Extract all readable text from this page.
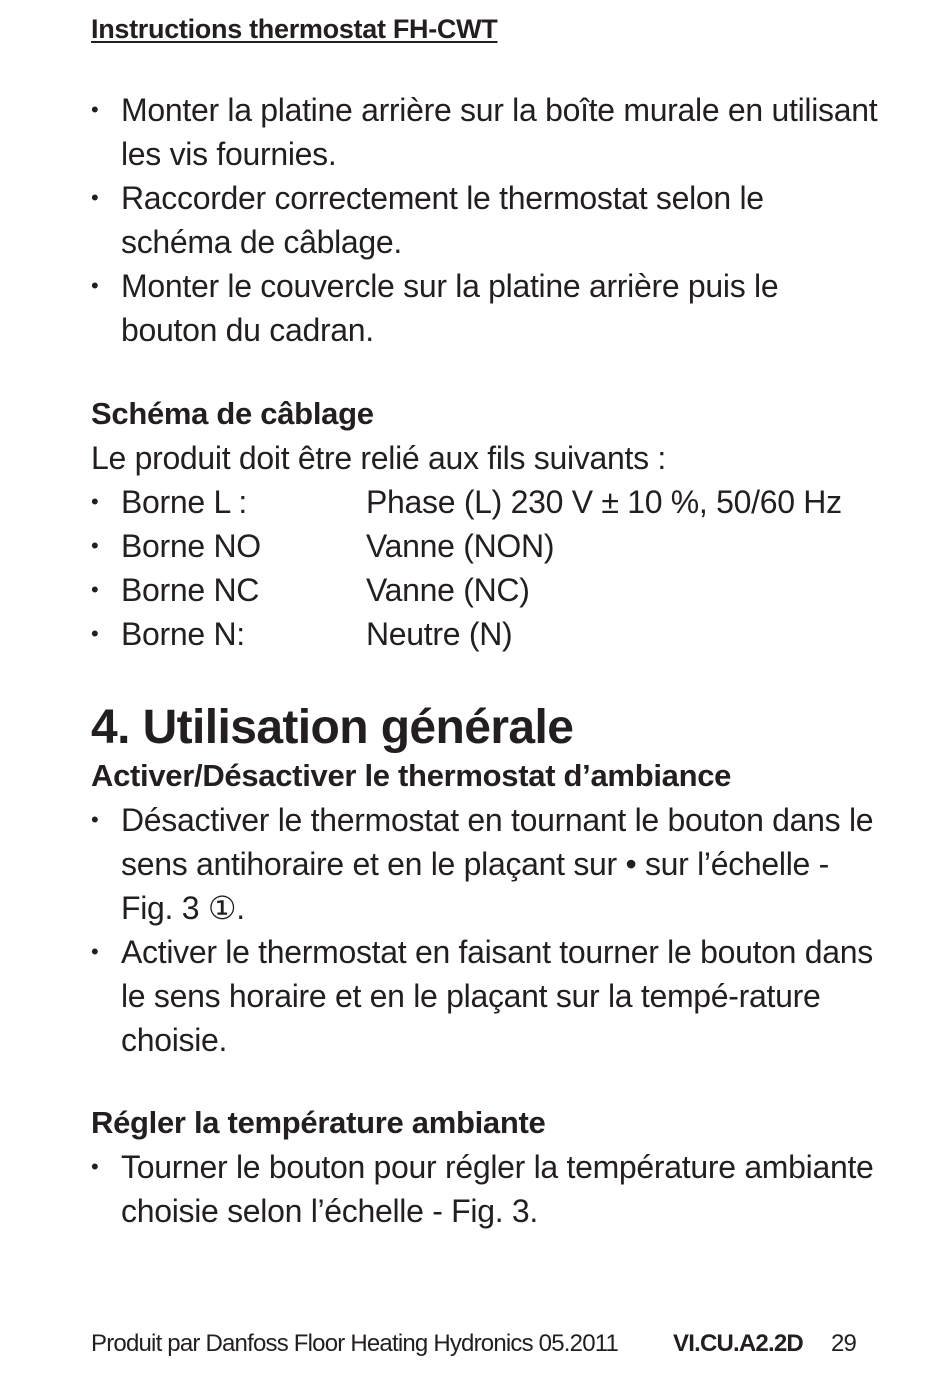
Instructions thermostat FH-CWT
• Monter la platine arrière sur la boîte murale en utilisant les vis fournies.
• Raccorder correctement le thermostat selon le schéma de câblage.
• Monter le couvercle sur la platine arrière puis le bouton du cadran.
Schéma de câblage
Le produit doit être relié aux fils suivants :
• Borne L :	Phase (L) 230 V ± 10 %, 50/60 Hz
• Borne NO	Vanne (NON)
• Borne NC	Vanne (NC)
• Borne N:	Neutre (N)
4. Utilisation générale
Activer/Désactiver le thermostat d’ambiance
• Désactiver le thermostat en tournant le bouton dans le sens antihoraire et en le plaçant sur • sur l’échelle - Fig. 3 ①.
• Activer le thermostat en faisant tourner le bouton dans le sens horaire et en le plaçant sur la tempé-rature choisie.
Régler la température ambiante
• Tourner le bouton pour régler la température ambiante choisie selon l’échelle - Fig. 3.
Produit par Danfoss Floor Heating Hydronics 05.2011 VI.CU.A2.2D 29
